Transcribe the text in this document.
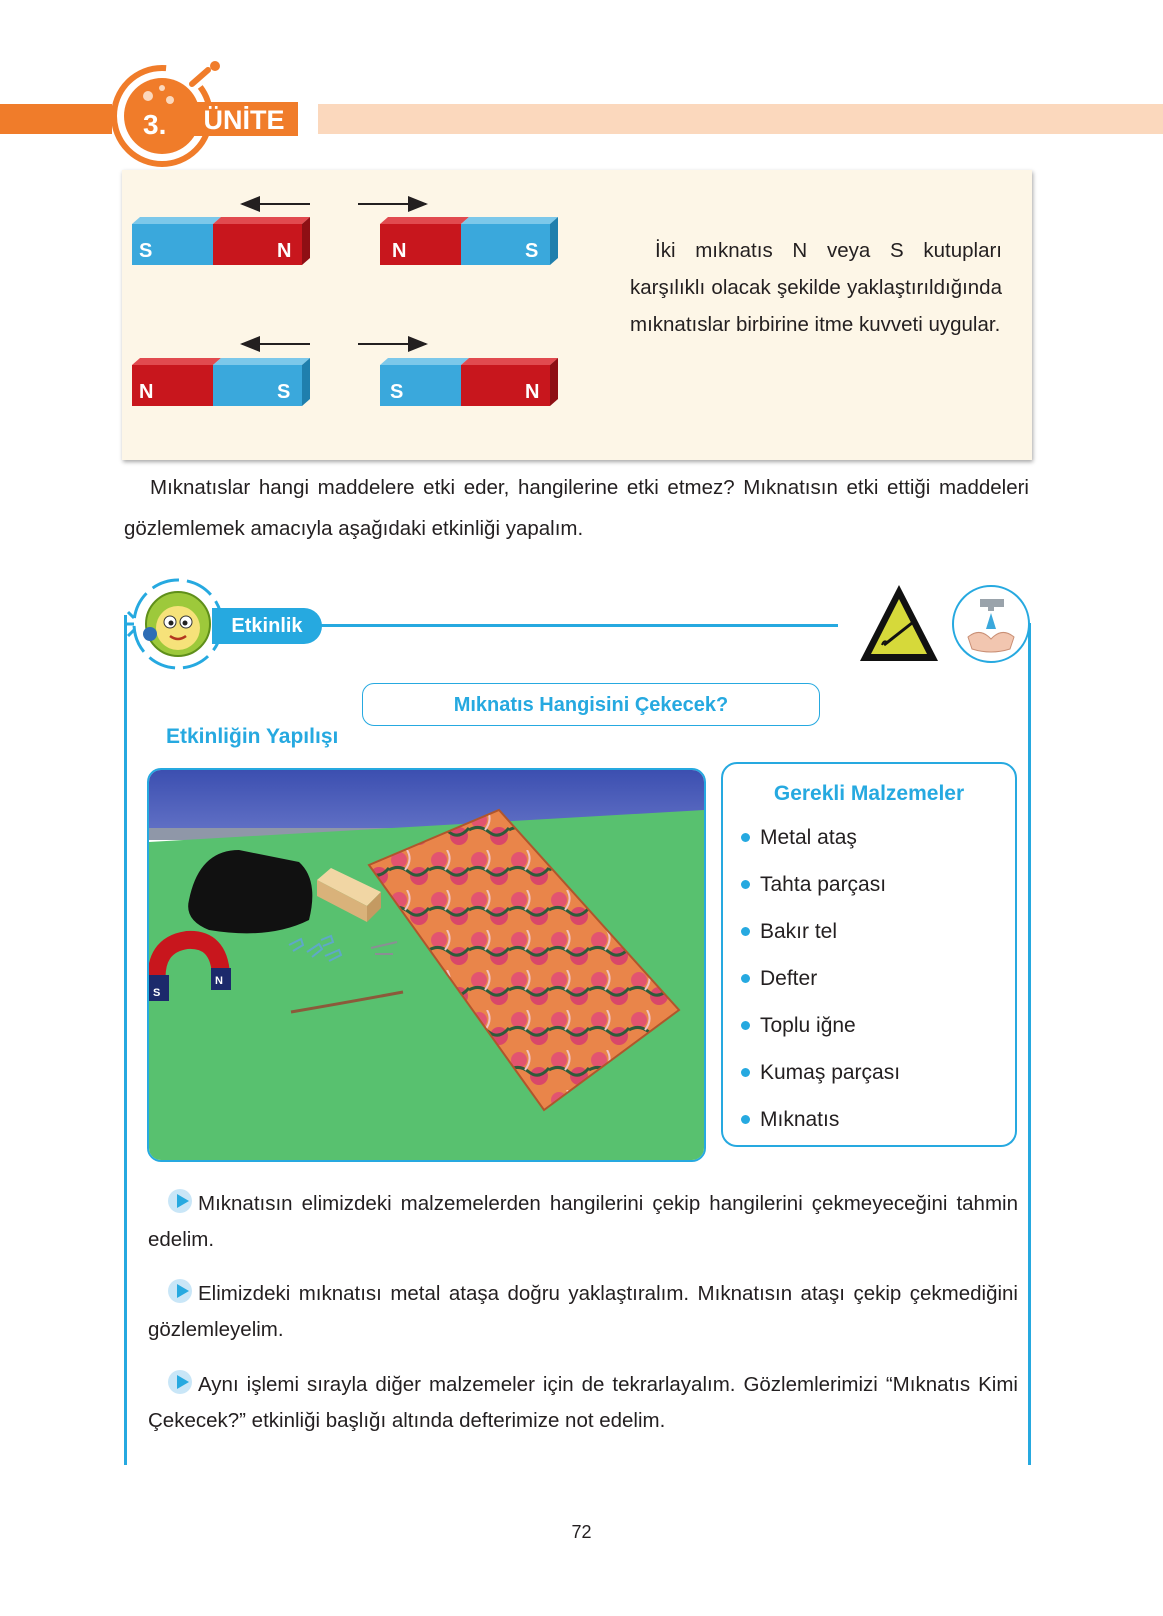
3.	ÜNİTE
S	N	N	S
N	S	S	N

İki mıknatıs N veya S kutupları karşılıklı olacak şekilde yaklaştırıldığında mıknatıslar birbirine itme kuvveti uygular.

Mıknatıslar hangi maddelere etki eder, hangilerine etki etmez? Mıknatısın etki ettiği maddeleri gözlemlemek amacıyla aşağıdaki etkinliği yapalım.

Etkinlik
Mıknatıs Hangisini Çekecek?
Etkinliğin Yapılışı
S
N
Gerekli Malzemeler
Metal ataş
Tahta parçası
Bakır tel
Defter
Toplu iğne
Kumaş parçası
Mıknatıs

Mıknatısın elimizdeki malzemelerden hangilerini çekip hangilerini çekmeyeceğini tahmin edelim.

Elimizdeki mıknatısı metal ataşa doğru yaklaştıralım. Mıknatısın ataşı çekip çekmediğini gözlemleyelim.

Aynı işlemi sırayla diğer malzemeler için de tekrarlayalım. Gözlemlerimizi “Mıknatıs Kimi Çekecek?” etkinliği başlığı altında defterimize not edelim.

72
